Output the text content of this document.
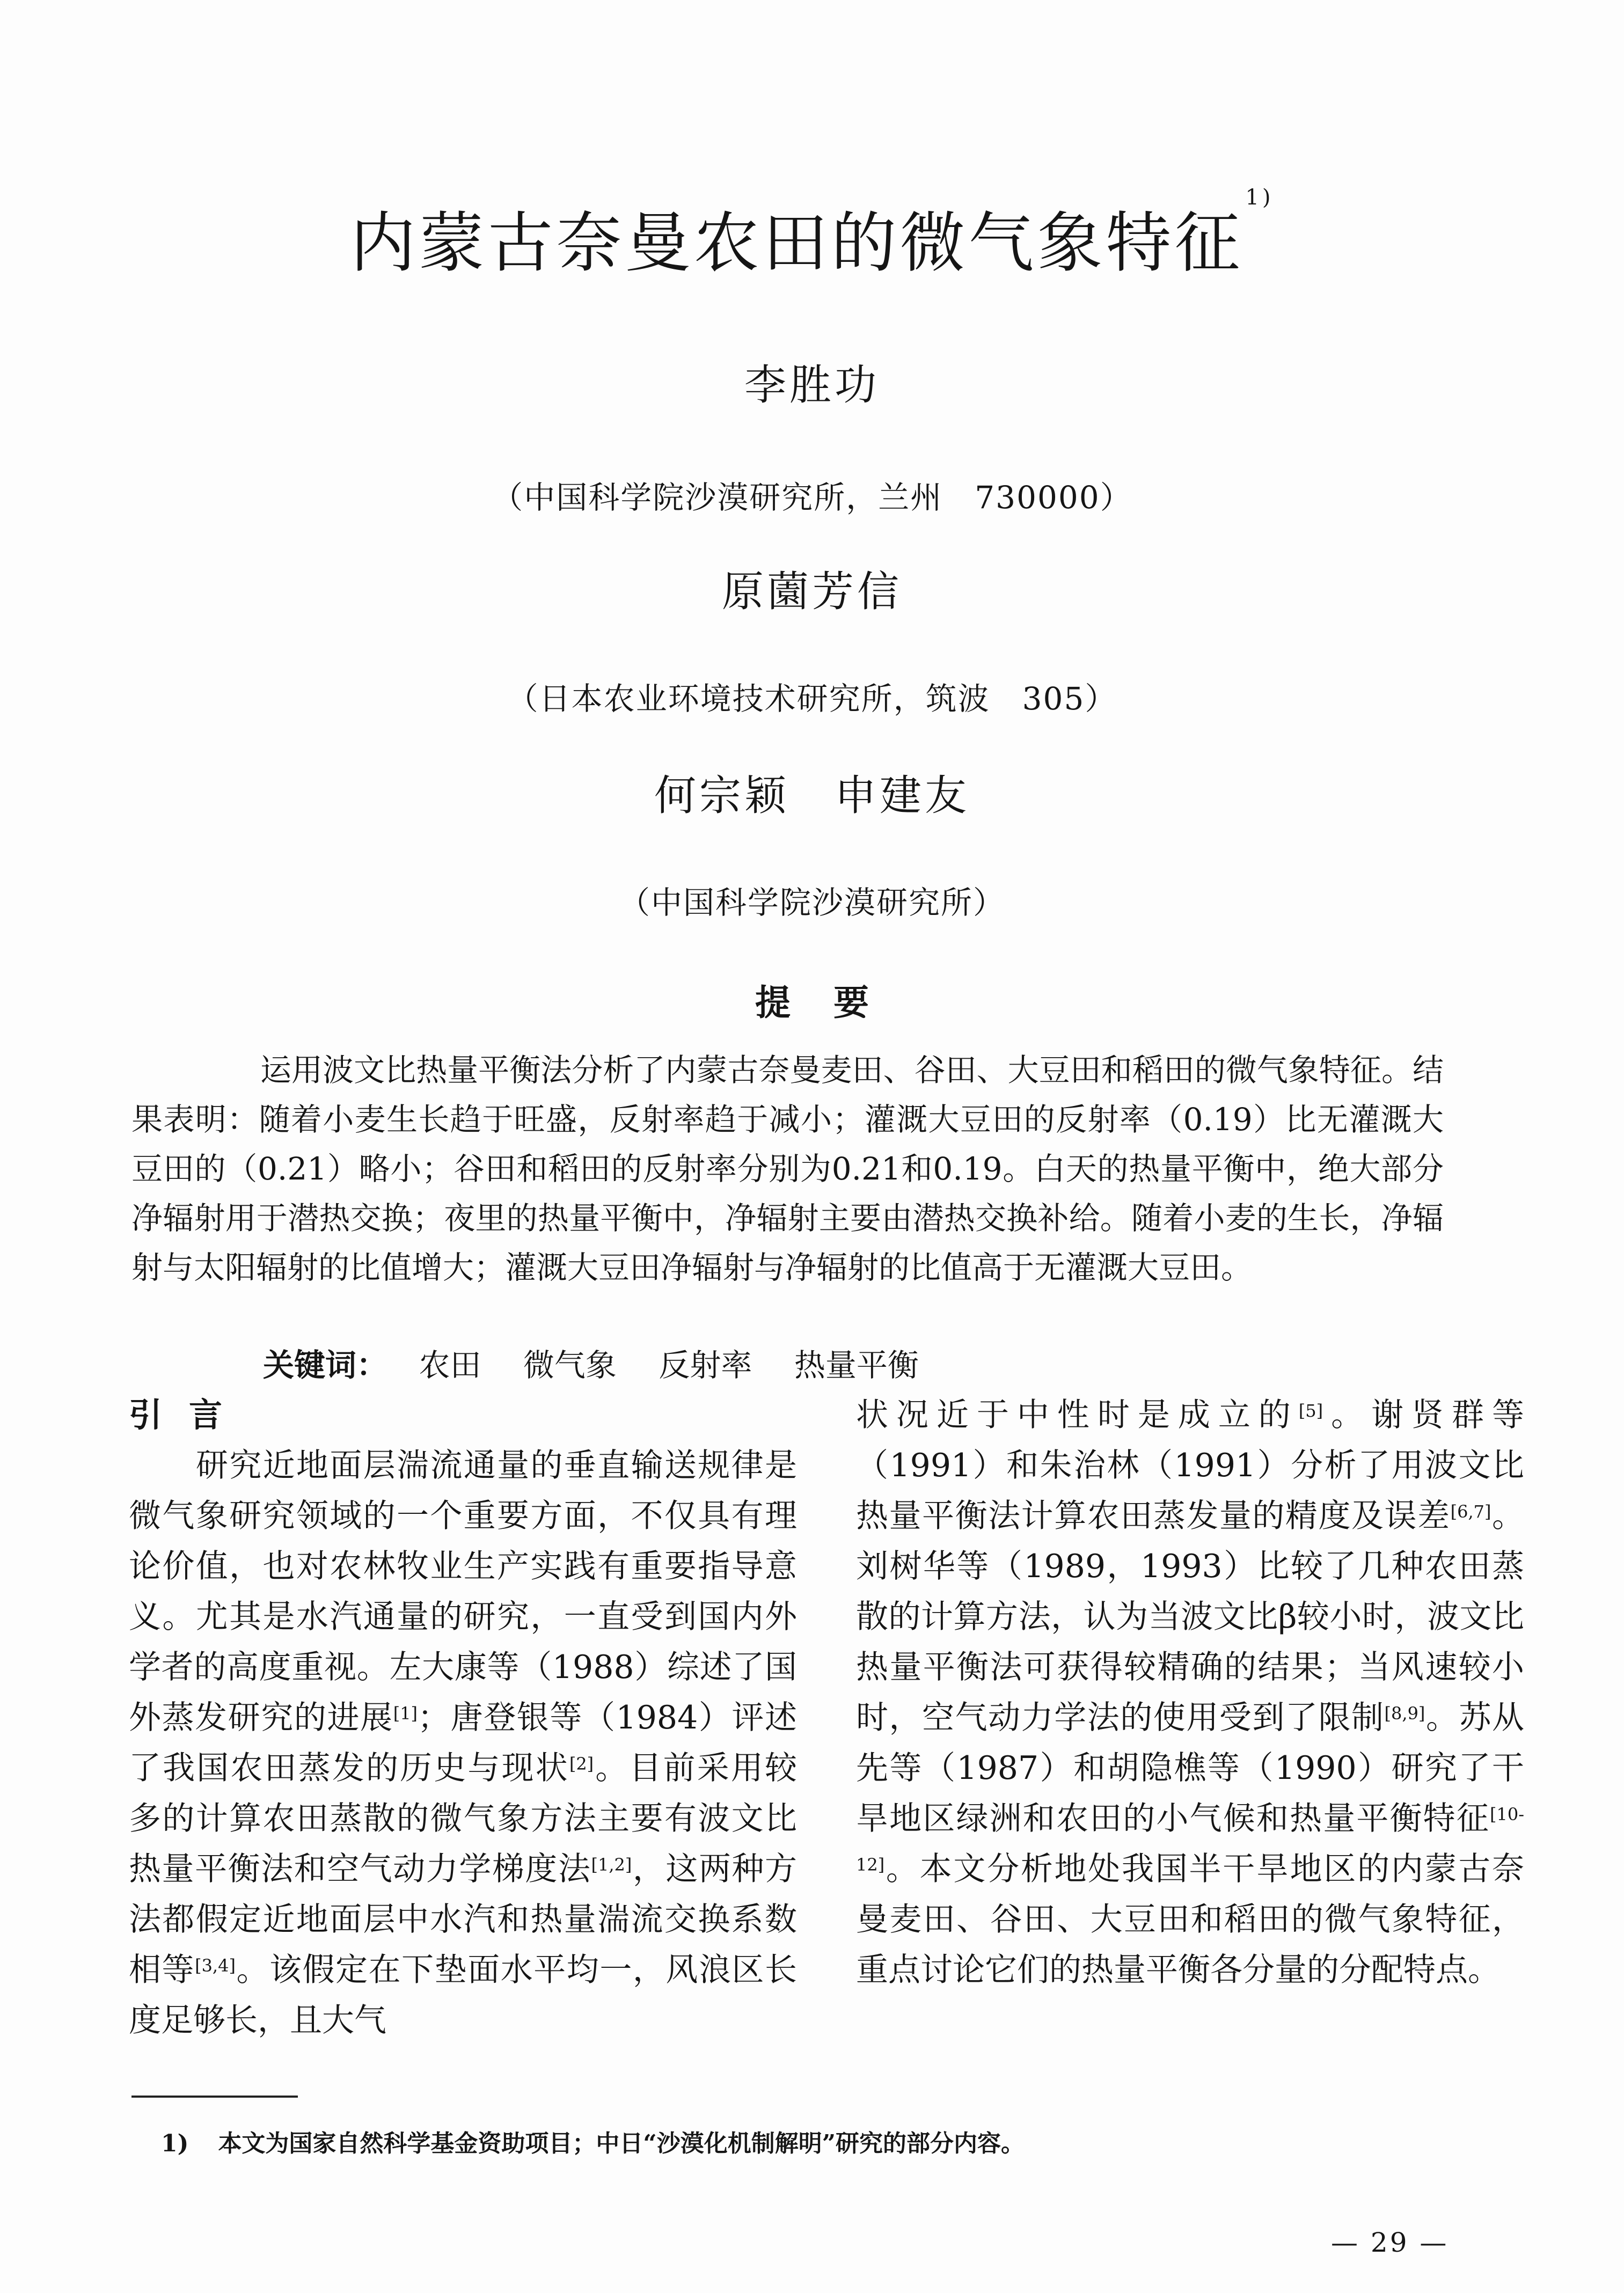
内蒙古奈曼农田的微气象特征$^{1)}$
李胜功
（中国科学院沙漠研究所，兰州　730000）
原薗芳信
（日本农业环境技术研究所，筑波　305）
何宗颖　申建友
（中国科学院沙漠研究所）
提要

运用波文比热量平衡法分析了内蒙古奈曼麦田、谷田、大豆田和稻田的微气象特征。结果表明：随着小麦生长趋于旺盛，反射率趋于减小；灌溉大豆田的反射率（0.19）比无灌溉大豆田的（0.21）略小；谷田和稻田的反射率分别为0.21和0.19。白天的热量平衡中，绝大部分净辐射用于潜热交换；夜里的热量平衡中，净辐射主要由潜热交换补给。随着小麦的生长，净辐射与太阳辐射的比值增大；灌溉大豆田净辐射与净辐射的比值高于无灌溉大豆田。

关键词： 农田 微气象 反射率 热量平衡

引言

研究近地面层湍流通量的垂直输送规律是微气象研究领域的一个重要方面，不仅具有理论价值，也对农林牧业生产实践有重要指导意义。尤其是水汽通量的研究，一直受到国内外学者的高度重视。左大康等（1988）综述了国外蒸发研究的进展[1]；唐登银等（1984）评述了我国农田蒸发的历史与现状[2]。目前采用较多的计算农田蒸散的微气象方法主要有波文比热量平衡法和空气动力学梯度法[1,2]，这两种方法都假定近地面层中水汽和热量湍流交换系数相等[3,4]。该假定在下垫面水平均一，风浪区长度足够长，且大气

状况近于中性时是成立的[5]。谢贤群等（1991）和朱治林（1991）分析了用波文比热量平衡法计算农田蒸发量的精度及误差[6,7]。刘树华等（1989，1993）比较了几种农田蒸散的计算方法，认为当波文比β较小时，波文比热量平衡法可获得较精确的结果；当风速较小时，空气动力学法的使用受到了限制[8,9]。苏从先等（1987）和胡隐樵等（1990）研究了干旱地区绿洲和农田的小气候和热量平衡特征[10-12]。本文分析地处我国半干旱地区的内蒙古奈曼麦田、谷田、大豆田和稻田的微气象特征，重点讨论它们的热量平衡各分量的分配特点。

1) 本文为国家自然科学基金资助项目；中日“沙漠化机制解明”研究的部分内容。
— 29 —
